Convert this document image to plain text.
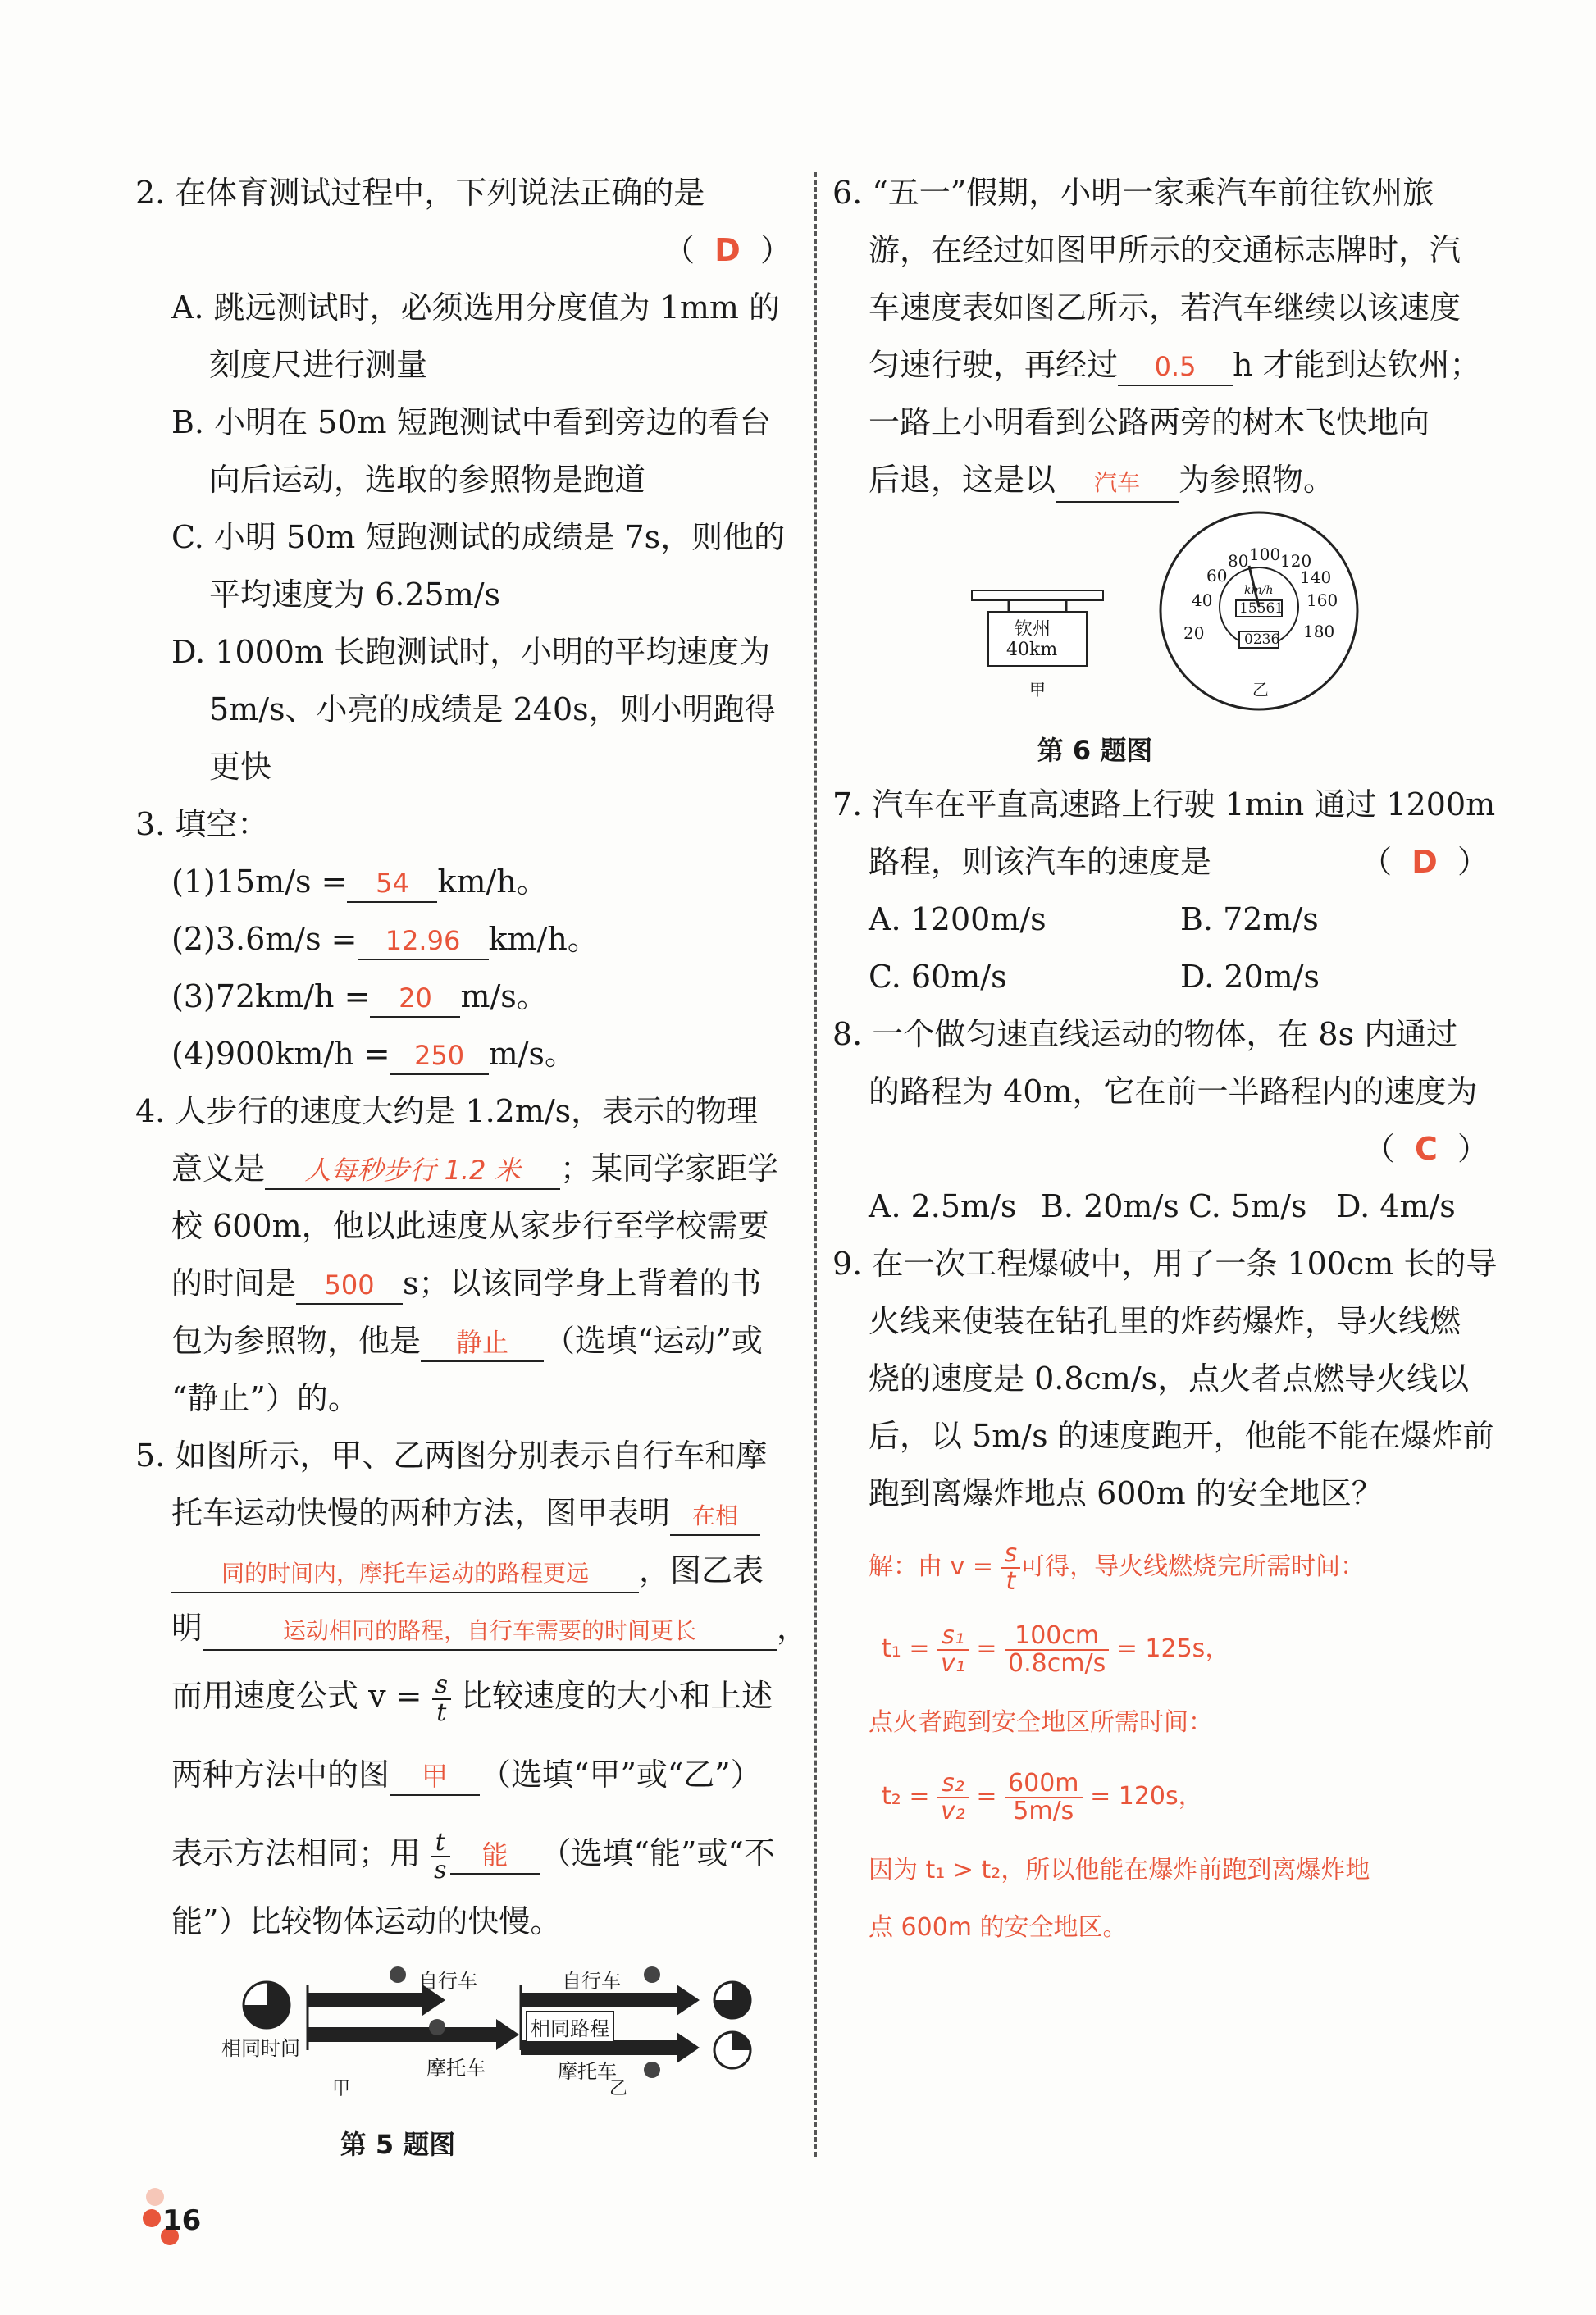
2. 在体育测试过程中，下列说法正确的是
（  D  ）
A. 跳远测试时，必须选用分度值为 1mm 的
刻度尺进行测量
B. 小明在 50m 短跑测试中看到旁边的看台
向后运动，选取的参照物是跑道
C. 小明 50m 短跑测试的成绩是 7s，则他的
平均速度为 6.25m/s
D. 1000m 长跑测试时，小明的平均速度为
5m/s、小亮的成绩是 240s，则小明跑得
更快
3. 填空：
(1)15m/s = 54 km/h。
(2)3.6m/s = 12.96 km/h。
(3)72km/h = 20 m/s。
(4)900km/h = 250 m/s。
4. 人步行的速度大约是 1.2m/s，表示的物理
意义是 人每秒步行 1.2 米 ；某同学家距学
校 600m，他以此速度从家步行至学校需要
的时间是 500 s；以该同学身上背着的书
包为参照物，他是 静止 （选填“运动”或
“静止”）的。
5. 如图所示，甲、乙两图分别表示自行车和摩
托车运动快慢的两种方法，图甲表明 在相
同的时间内，摩托车运动的路程更远 ，图乙表
明	运动相同的路程，自行车需要的时间更长	，
而用速度公式 $v = \frac{s}{t}$ 比较速度的大小和上述
两种方法中的图 甲 （选填“甲”或“乙”）
表示方法相同；用 $\frac{t}{s}$ 能 （选填“能”或“不
能”）比较物体运动的快慢。
自行车
摩托车
相同时间
甲
自行车
相同路程
摩托车
乙
第 5 题图
6. “五一”假期，小明一家乘汽车前往钦州旅
游，在经过如图甲所示的交通标志牌时，汽
车速度表如图乙所示，若汽车继续以该速度
匀速行驶，再经过 0.5 h 才能到达钦州；
一路上小明看到公路两旁的树木飞快地向
后退，这是以 汽车 为参照物。
钦州
40km
甲
20
40
60
80 100 120
140
160
180
km/h
15561
0236
乙
第 6 题图
7. 汽车在平直高速路上行驶 1min 通过 1200m
路程，则该汽车的速度是	（  D  ）
A. 1200m/s	B. 72m/s
C. 60m/s	D. 20m/s
8. 一个做匀速直线运动的物体，在 8s 内通过
的路程为 40m，它在前一半路程内的速度为
（  C  ）
A. 2.5m/s B. 20m/s C. 5m/s D. 4m/s
9. 在一次工程爆破中，用了一条 100cm 长的导
火线来使装在钻孔里的炸药爆炸，导火线燃
烧的速度是 0.8cm/s，点火者点燃导火线以
后，以 5m/s 的速度跑开，他能不能在爆炸前
跑到离爆炸地点 600m 的安全地区？
解：由 $v = \frac{s}{t}$ 可得，导火线燃烧完所需时间：
$t_1 = \frac{\text{s₁}}{\text{v₁}} = \frac{100cm}{0.8cm/s} = 125s$，
点火者跑到安全地区所需时间：
$t_2 = \frac{\text{s₂}}{\text{v₂}} = \frac{600m}{5m/s} = 120s$，
因为 t₁ > t₂，所以他能在爆炸前跑到离爆炸地
点 600m 的安全地区。
16
